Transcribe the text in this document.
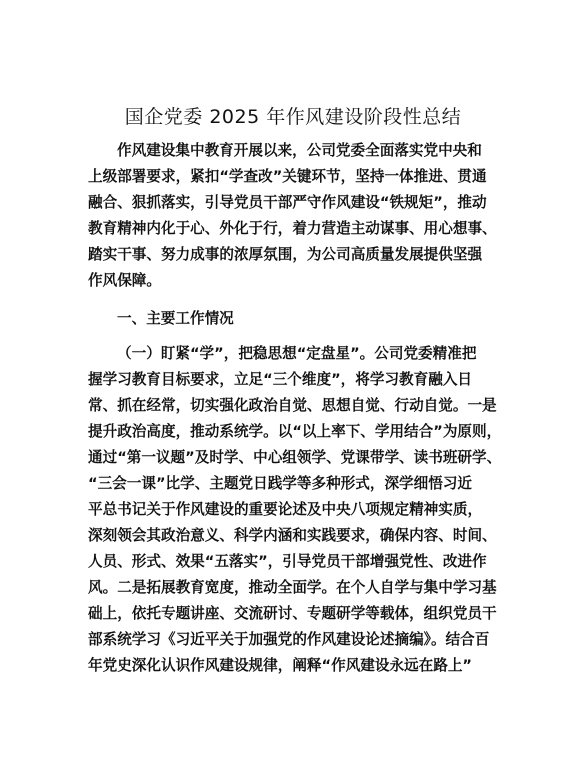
国企党委 2025 年作风建设阶段性总结
作风建设集中教育开展以来，公司党委全面落实党中央和
上级部署要求，紧扣“学查改”关键环节，坚持一体推进、贯通
融合、狠抓落实，引导党员干部严守作风建设“铁规矩”，推动
教育精神内化于心、外化于行，着力营造主动谋事、用心想事、
踏实干事、努力成事的浓厚氛围，为公司高质量发展提供坚强
作风保障。
一、主要工作情况
（一）盯紧“学”，把稳思想“定盘星”。公司党委精准把
握学习教育目标要求，立足“三个维度”，将学习教育融入日
常、抓在经常，切实强化政治自觉、思想自觉、行动自觉。一是
提升政治高度，推动系统学。以“以上率下、学用结合”为原则，
通过“第一议题”及时学、中心组领学、党课带学、读书班研学、
“三会一课”比学、主题党日践学等多种形式，深学细悟习近
平总书记关于作风建设的重要论述及中央八项规定精神实质，
深刻领会其政治意义、科学内涵和实践要求，确保内容、时间、
人员、形式、效果“五落实”，引导党员干部增强党性、改进作
风。二是拓展教育宽度，推动全面学。在个人自学与集中学习基
础上，依托专题讲座、交流研讨、专题研学等载体，组织党员干
部系统学习《习近平关于加强党的作风建设论述摘编》。结合百
年党史深化认识作风建设规律，阐释“作风建设永远在路上”
